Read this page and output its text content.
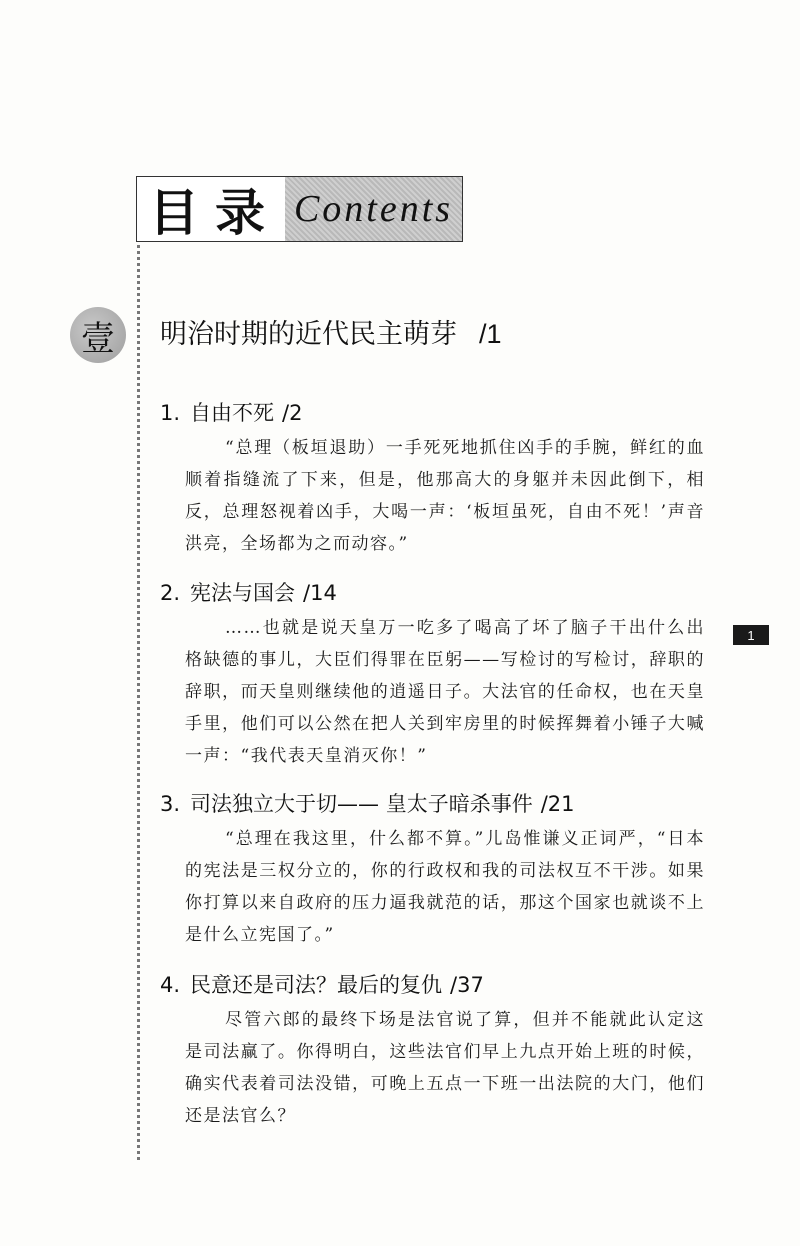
目录 Contents
壹	明治时期的近代民主萌芽 /1
1. 自由不死 /2
“总理（板垣退助）一手死死地抓住凶手的手腕，鲜红的血顺着指缝流了下来，但是，他那高大的身躯并未因此倒下，相反，总理怒视着凶手，大喝一声：‘板垣虽死，自由不死！’声音洪亮，全场都为之而动容。”
2. 宪法与国会 /14
……也就是说天皇万一吃多了喝高了坏了脑子干出什么出格缺德的事儿，大臣们得罪在臣躬——写检讨的写检讨，辞职的辞职，而天皇则继续他的逍遥日子。大法官的任命权，也在天皇手里，他们可以公然在把人关到牢房里的时候挥舞着小锤子大喊一声：“我代表天皇消灭你！”
3. 司法独立大于切—— 皇太子暗杀事件 /21
“总理在我这里，什么都不算。”儿岛惟谦义正词严，“日本的宪法是三权分立的，你的行政权和我的司法权互不干涉。如果你打算以来自政府的压力逼我就范的话，那这个国家也就谈不上是什么立宪国了。”
4. 民意还是司法？最后的复仇 /37
尽管六郎的最终下场是法官说了算，但并不能就此认定这是司法赢了。你得明白，这些法官们早上九点开始上班的时候，确实代表着司法没错，可晚上五点一下班一出法院的大门，他们还是法官么？
1
